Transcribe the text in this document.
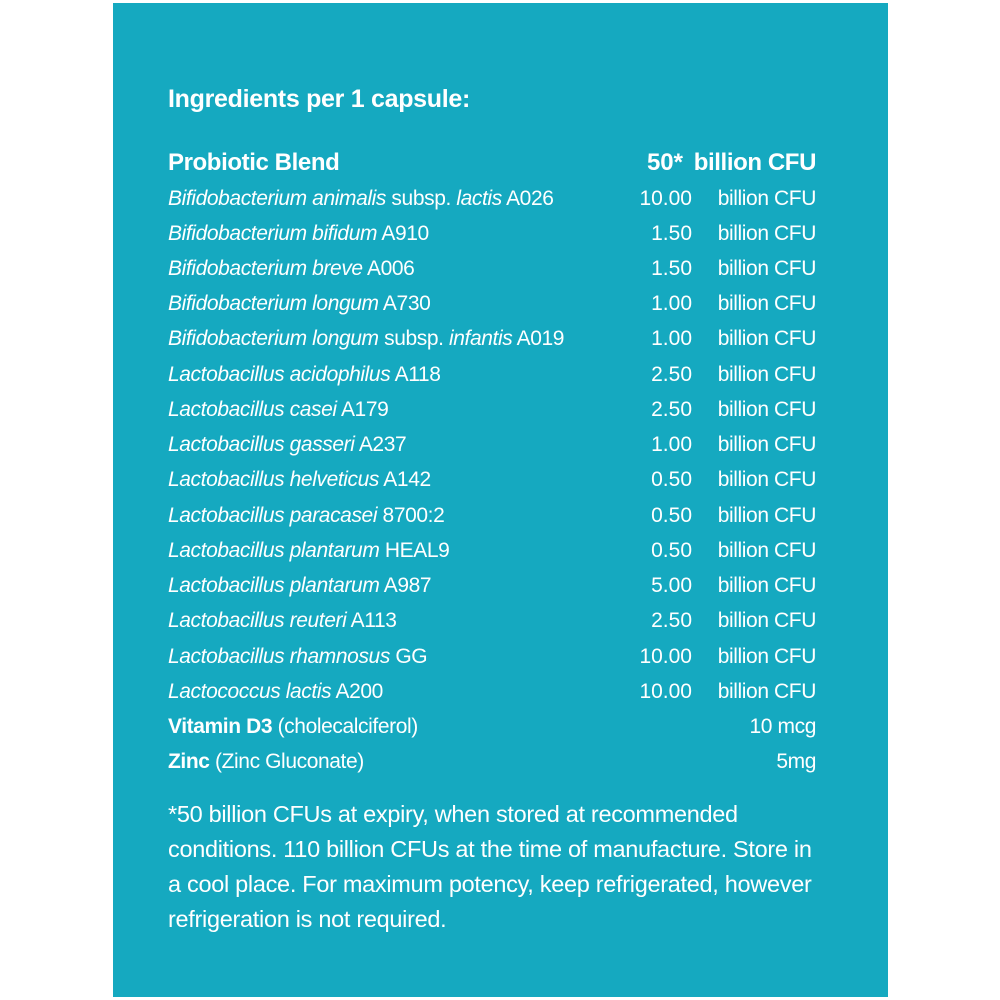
Ingredients per 1 capsule:
Probiotic Blend	50* billion CFU
Bifidobacterium animalis subsp. lactis A026	10.00 billion CFU
Bifidobacterium bifidum A910	1.50 billion CFU
Bifidobacterium breve A006	1.50 billion CFU
Bifidobacterium longum A730	1.00 billion CFU
Bifidobacterium longum subsp. infantis A019	1.00 billion CFU
Lactobacillus acidophilus A118	2.50 billion CFU
Lactobacillus casei A179	2.50 billion CFU
Lactobacillus gasseri A237	1.00 billion CFU
Lactobacillus helveticus A142	0.50 billion CFU
Lactobacillus paracasei 8700:2	0.50 billion CFU
Lactobacillus plantarum HEAL9	0.50 billion CFU
Lactobacillus plantarum A987	5.00 billion CFU
Lactobacillus reuteri A113	2.50 billion CFU
Lactobacillus rhamnosus GG	10.00 billion CFU
Lactococcus lactis A200	10.00 billion CFU
Vitamin D3 (cholecalciferol)	10 mcg
Zinc (Zinc Gluconate)	5mg
*50 billion CFUs at expiry, when stored at recommended conditions. 110 billion CFUs at the time of manufacture. Store in a cool place. For maximum potency, keep refrigerated, however refrigeration is not required.
